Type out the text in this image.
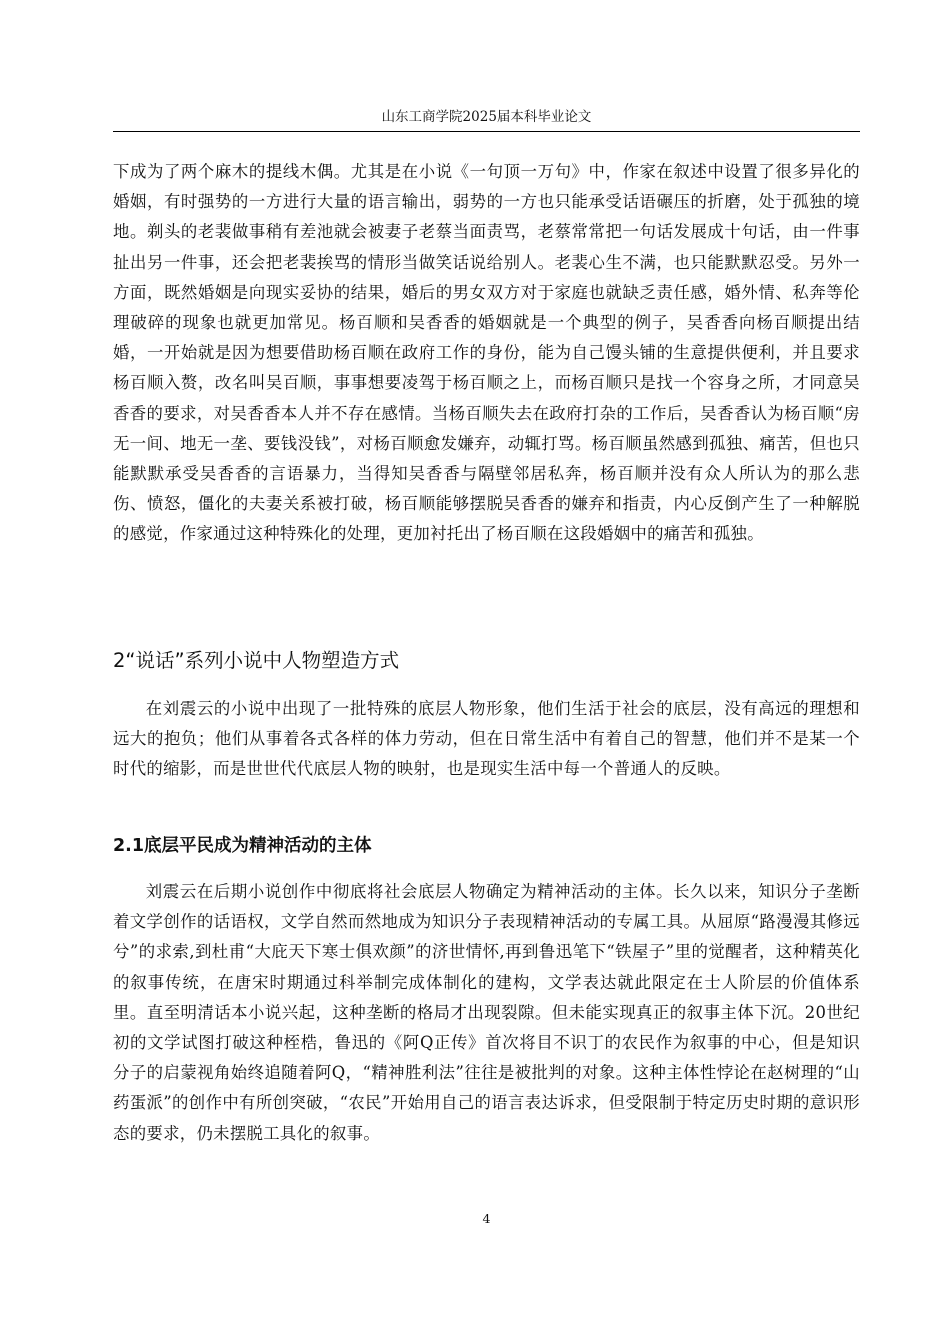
山东工商学院2025届本科毕业论文

下成为了两个麻木的提线木偶。尤其是在小说《一句顶一万句》中，作家在叙述中设置了很多异化的婚姻，有时强势的一方进行大量的语言输出，弱势的一方也只能承受话语碾压的折磨，处于孤独的境地。剃头的老裴做事稍有差池就会被妻子老蔡当面责骂，老蔡常常把一句话发展成十句话，由一件事扯出另一件事，还会把老裴挨骂的情形当做笑话说给别人。老裴心生不满，也只能默默忍受。另外一方面，既然婚姻是向现实妥协的结果，婚后的男女双方对于家庭也就缺乏责任感，婚外情、私奔等伦理破碎的现象也就更加常见。杨百顺和吴香香的婚姻就是一个典型的例子，吴香香向杨百顺提出结婚，一开始就是因为想要借助杨百顺在政府工作的身份，能为自己馒头铺的生意提供便利，并且要求杨百顺入赘，改名叫吴百顺，事事想要凌驾于杨百顺之上，而杨百顺只是找一个容身之所，才同意吴香香的要求，对吴香香本人并不存在感情。当杨百顺失去在政府打杂的工作后，吴香香认为杨百顺“房无一间、地无一垄、要钱没钱”，对杨百顺愈发嫌弃，动辄打骂。杨百顺虽然感到孤独、痛苦，但也只能默默承受吴香香的言语暴力，当得知吴香香与隔壁邻居私奔，杨百顺并没有众人所认为的那么悲伤、愤怒，僵化的夫妻关系被打破，杨百顺能够摆脱吴香香的嫌弃和指责，内心反倒产生了一种解脱的感觉，作家通过这种特殊化的处理，更加衬托出了杨百顺在这段婚姻中的痛苦和孤独。

2“说话”系列小说中人物塑造方式

在刘震云的小说中出现了一批特殊的底层人物形象，他们生活于社会的底层，没有高远的理想和远大的抱负；他们从事着各式各样的体力劳动，但在日常生活中有着自己的智慧，他们并不是某一个时代的缩影，而是世世代代底层人物的映射，也是现实生活中每一个普通人的反映。

2.1底层平民成为精神活动的主体

刘震云在后期小说创作中彻底将社会底层人物确定为精神活动的主体。长久以来，知识分子垄断着文学创作的话语权，文学自然而然地成为知识分子表现精神活动的专属工具。从屈原“路漫漫其修远兮”的求索,到杜甫“大庇天下寒士俱欢颜”的济世情怀,再到鲁迅笔下“铁屋子”里的觉醒者，这种精英化的叙事传统，在唐宋时期通过科举制完成体制化的建构，文学表达就此限定在士人阶层的价值体系里。直至明清话本小说兴起，这种垄断的格局才出现裂隙。但未能实现真正的叙事主体下沉。20世纪初的文学试图打破这种桎梏，鲁迅的《阿Q正传》首次将目不识丁的农民作为叙事的中心，但是知识分子的启蒙视角始终追随着阿Q，“精神胜利法”往往是被批判的对象。这种主体性悖论在赵树理的“山药蛋派”的创作中有所创突破，“农民”开始用自己的语言表达诉求，但受限制于特定历史时期的意识形态的要求，仍未摆脱工具化的叙事。

4
